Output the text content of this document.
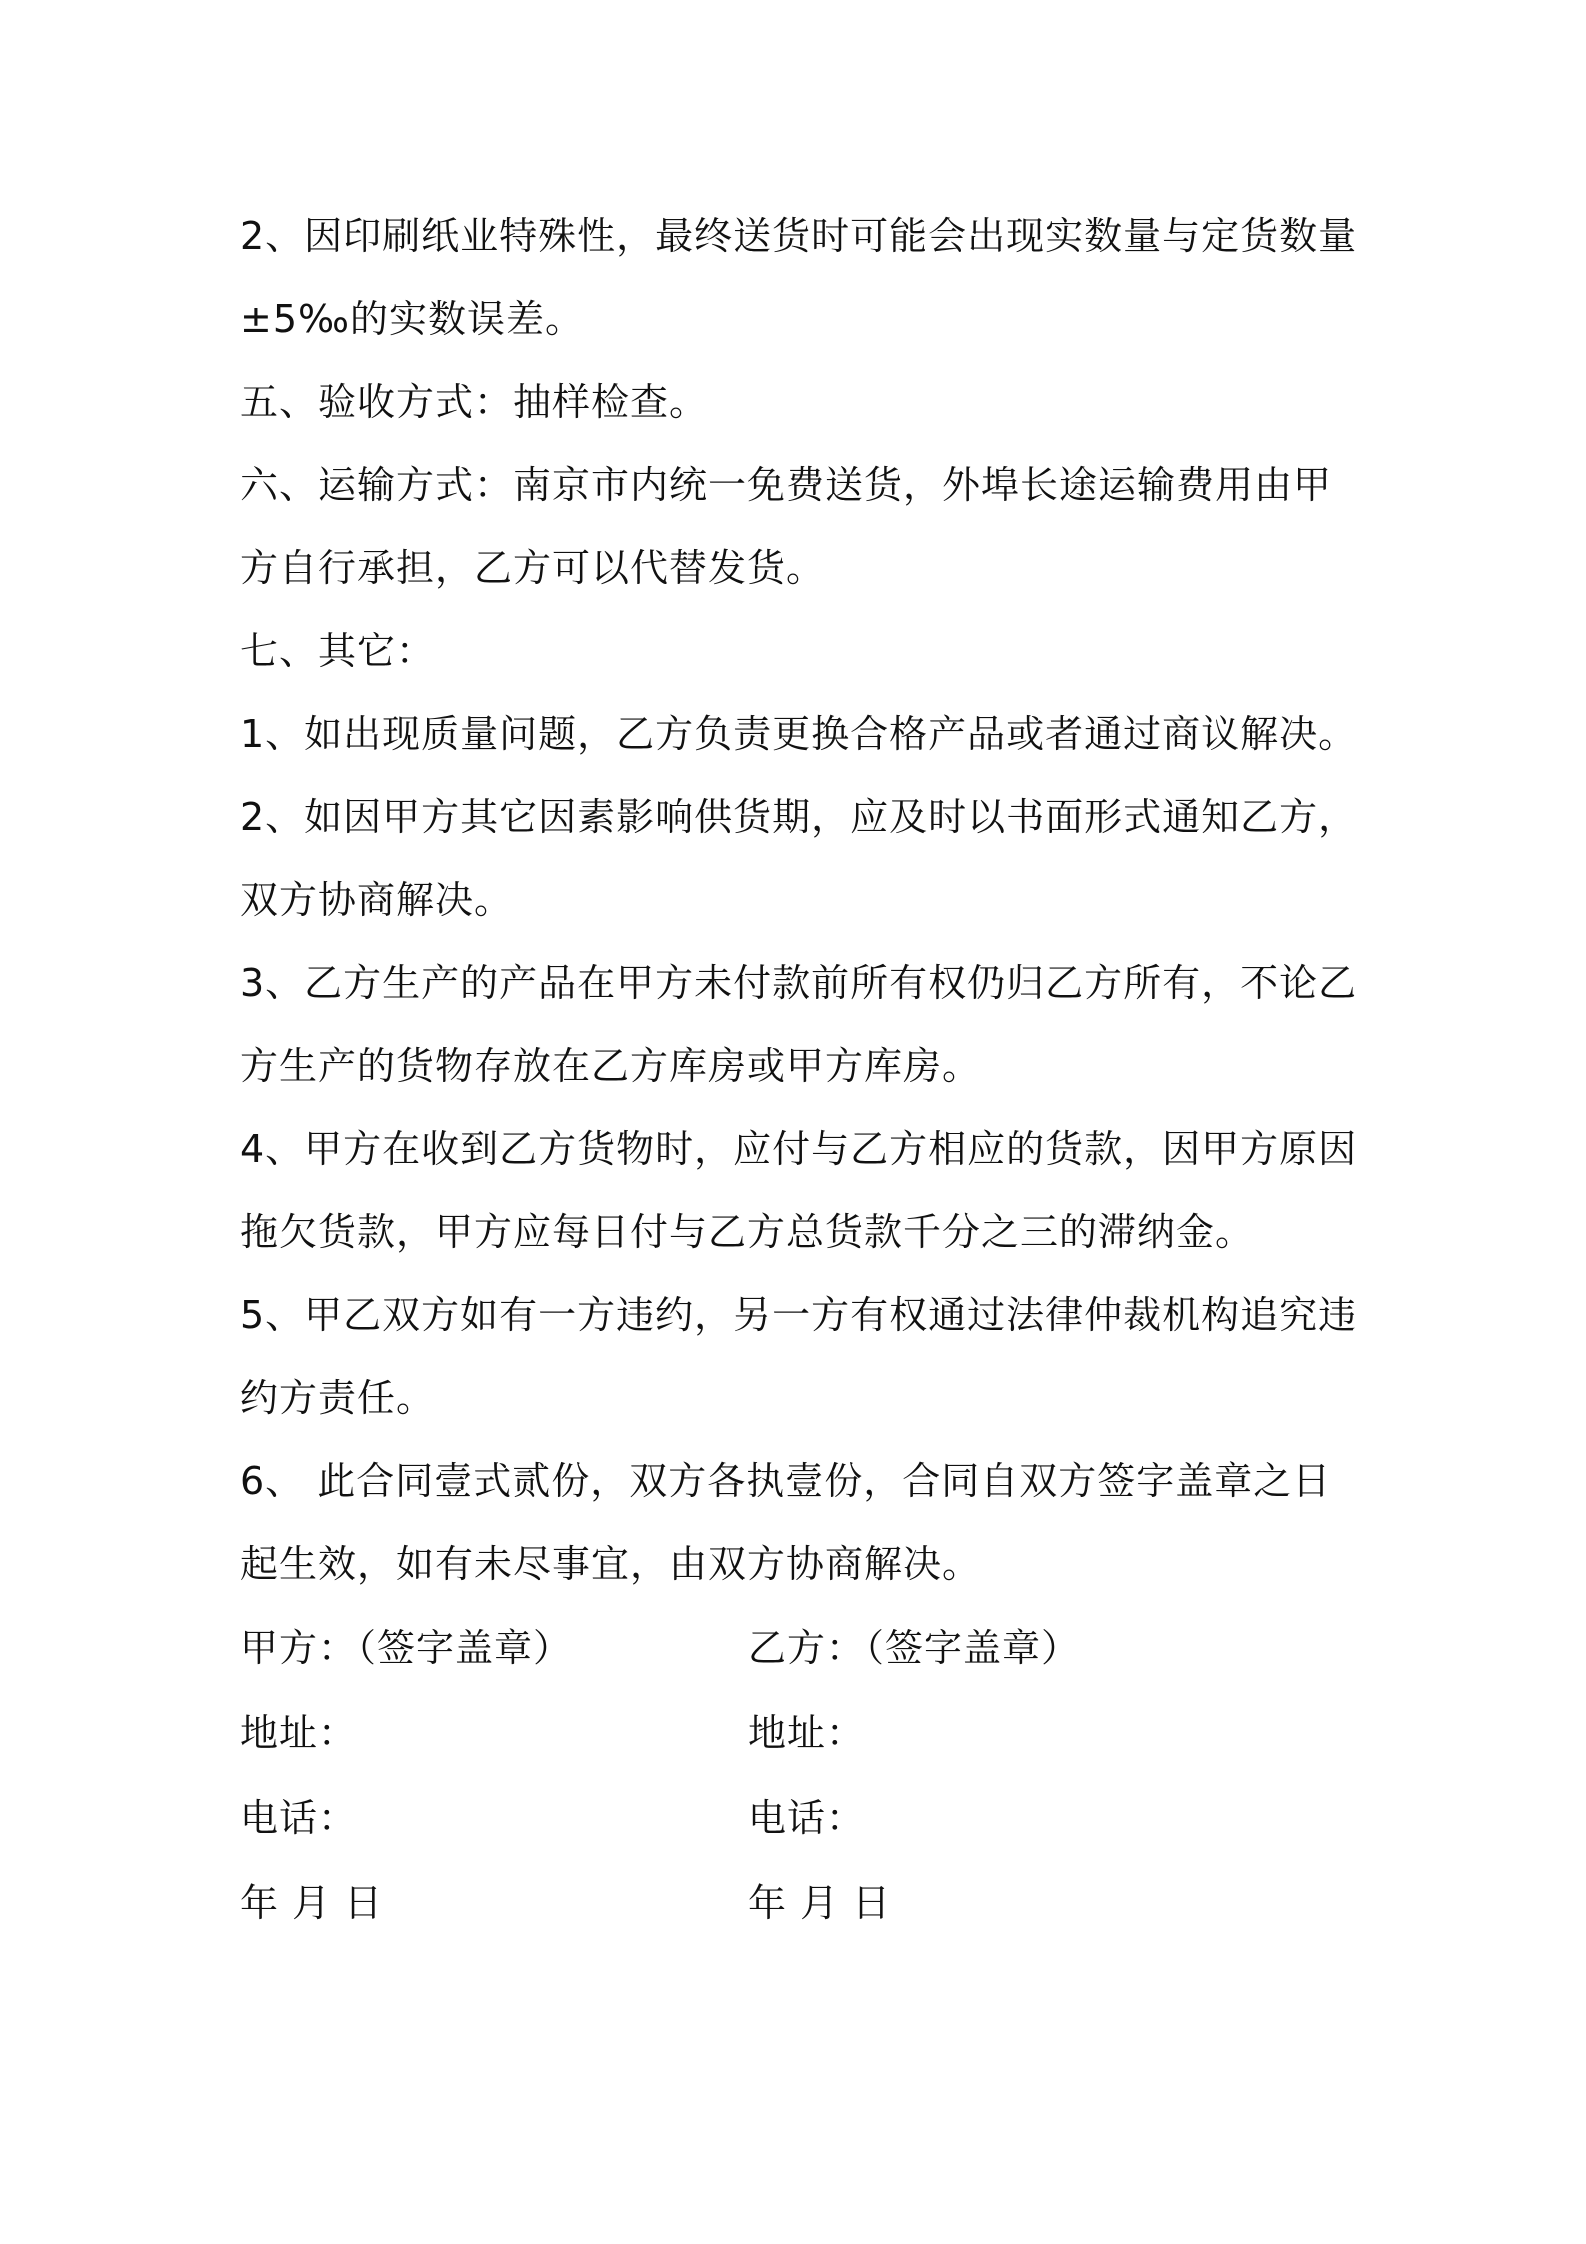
2、因印刷纸业特殊性，最终送货时可能会出现实数量与定货数量±5‰的实数误差。

五、验收方式：抽样检查。

六、运输方式：南京市内统一免费送货，外埠长途运输费用由甲方自行承担，乙方可以代替发货。

七、其它：

1、如出现质量问题，乙方负责更换合格产品或者通过商议解决。

2、如因甲方其它因素影响供货期，应及时以书面形式通知乙方，双方协商解决。

3、乙方生产的产品在甲方未付款前所有权仍归乙方所有，不论乙方生产的货物存放在乙方库房或甲方库房。

4、甲方在收到乙方货物时，应付与乙方相应的货款，因甲方原因拖欠货款，甲方应每日付与乙方总货款千分之三的滞纳金。

5、甲乙双方如有一方违约，另一方有权通过法律仲裁机构追究违约方责任。

6、 此合同壹式贰份，双方各执壹份，合同自双方签字盖章之日起生效，如有未尽事宜，由双方协商解决。

甲方：（签字盖章）

地址：

电话：

年 月 日

乙方：（签字盖章）

地址：

电话：

年 月 日
